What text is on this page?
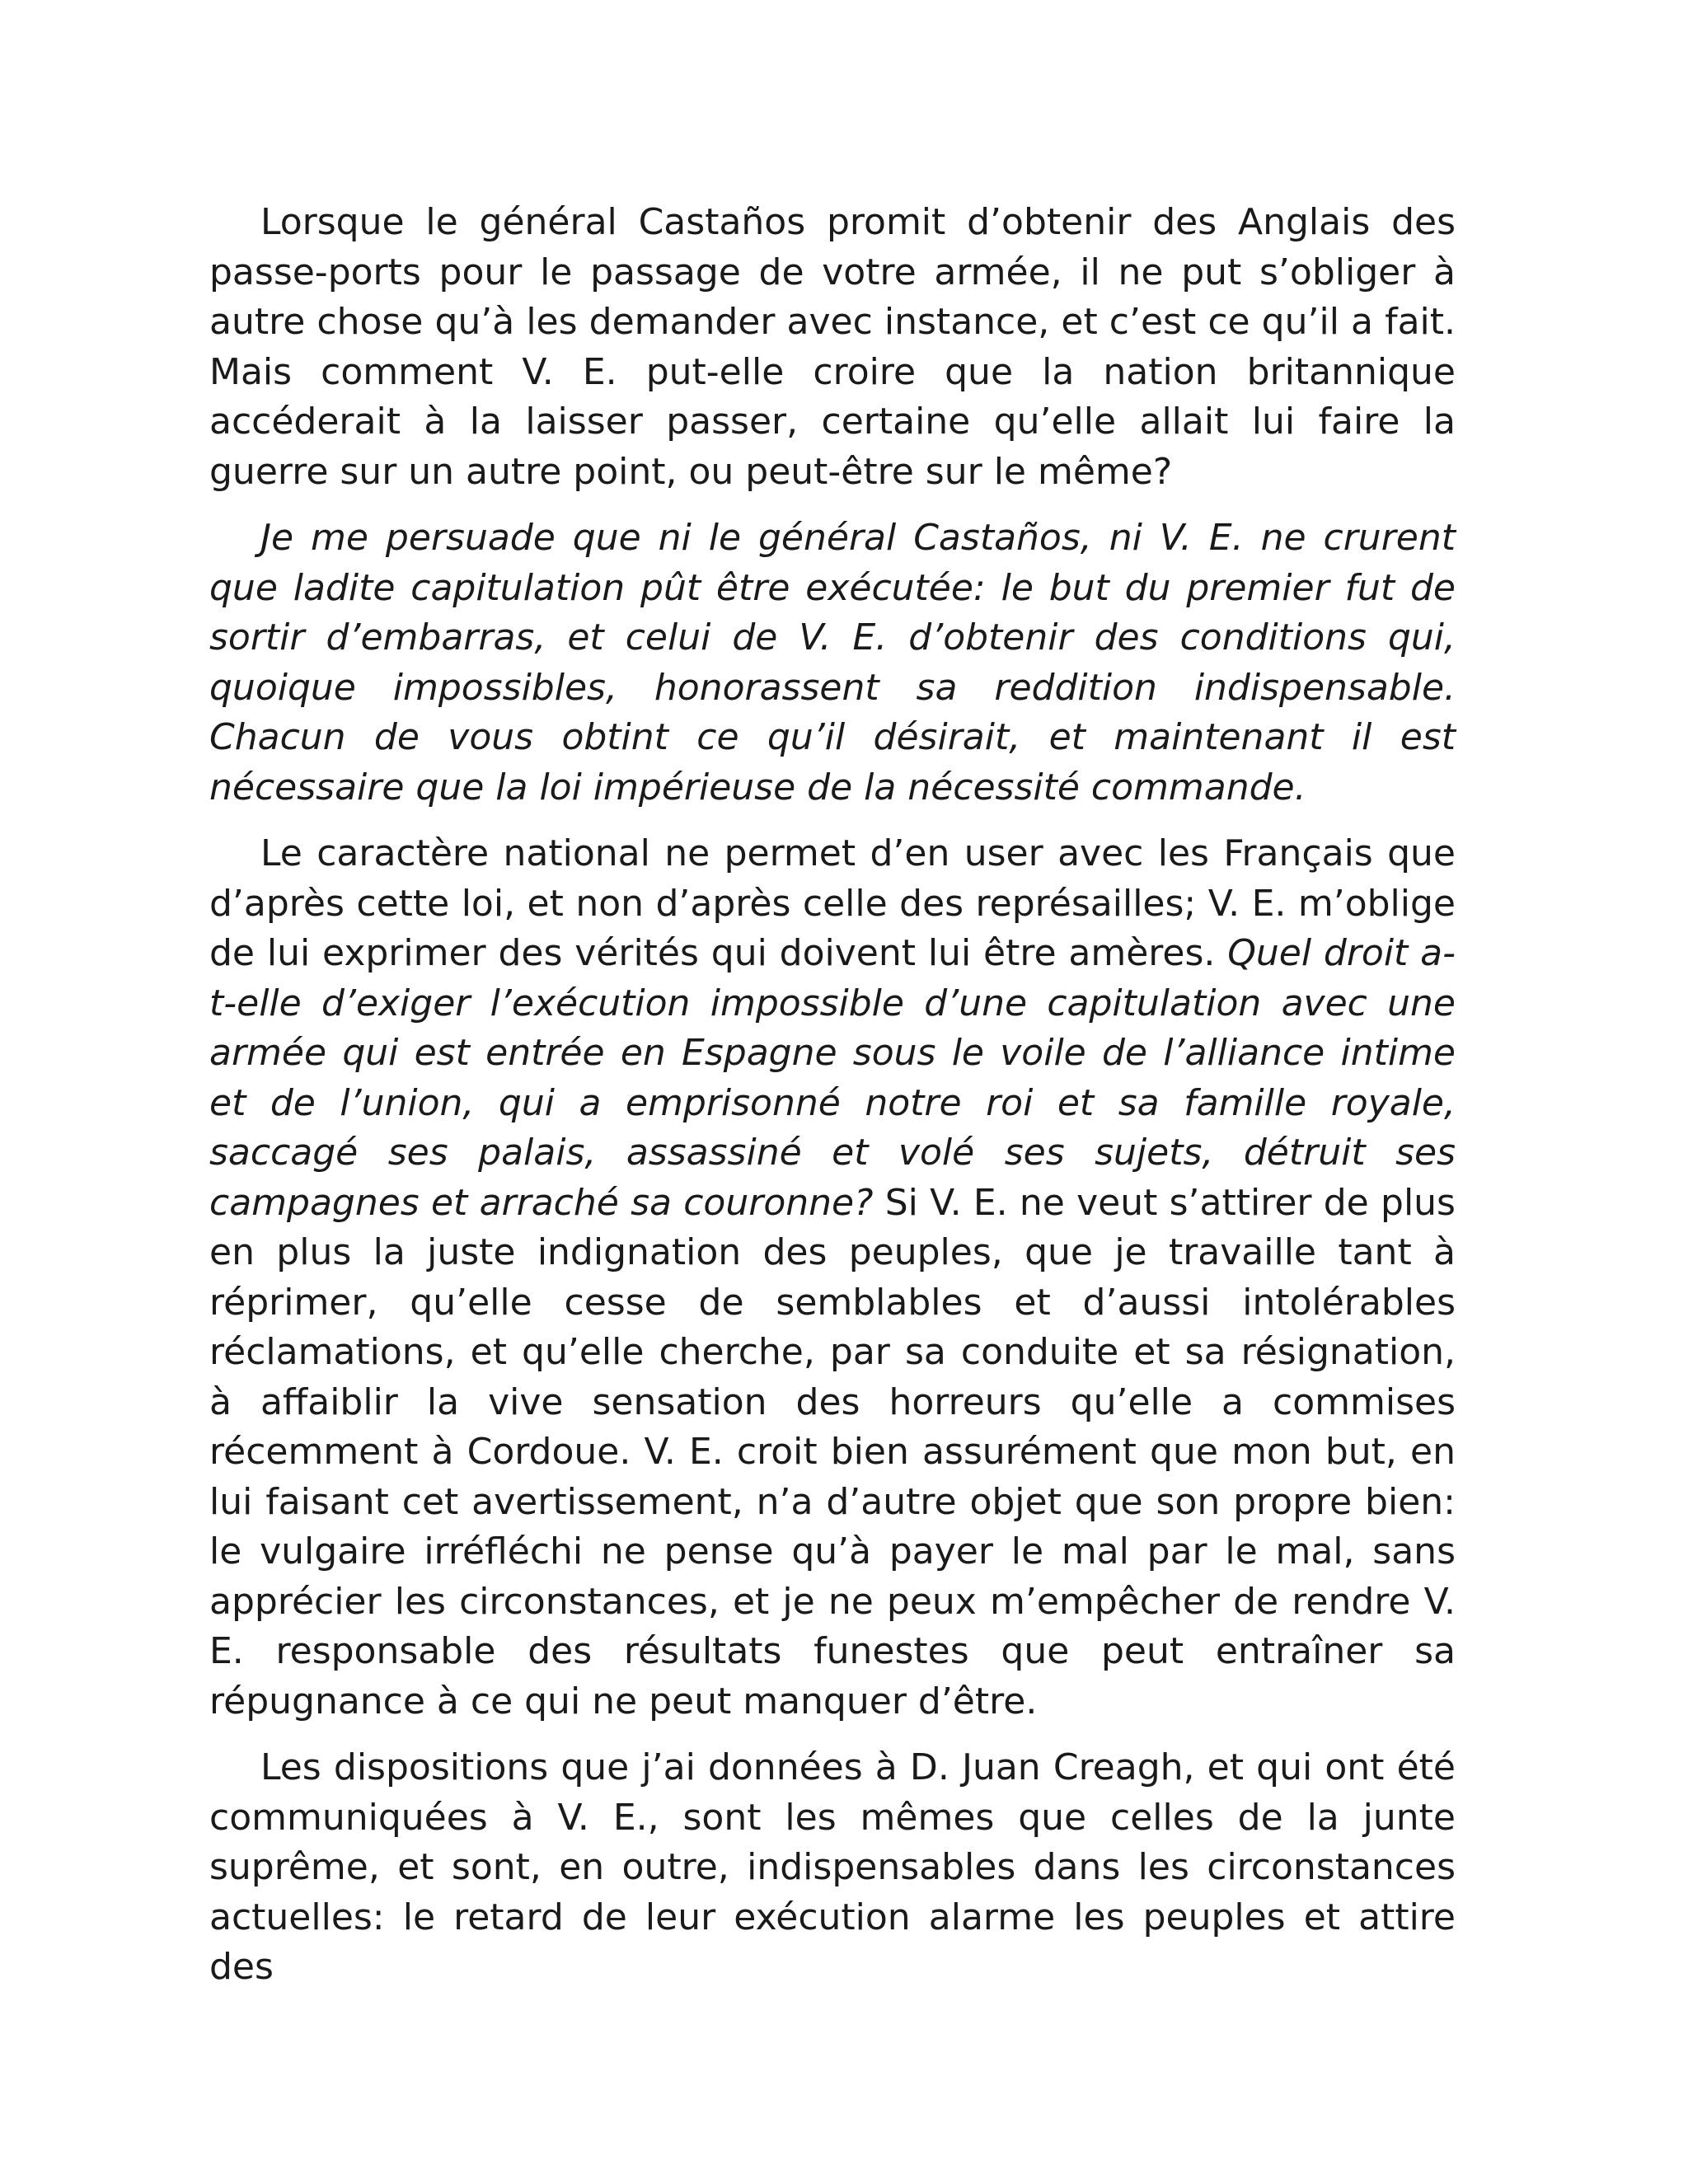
Lorsque le général Castaños promit d’obtenir des Anglais des passe-ports pour le passage de votre armée, il ne put s’obliger à autre chose qu’à les demander avec instance, et c’est ce qu’il a fait. Mais comment V. E. put-elle croire que la nation britannique accéderait à la laisser passer, certaine qu’elle allait lui faire la guerre sur un autre point, ou peut-être sur le même?

Je me persuade que ni le général Castaños, ni V. E. ne crurent que ladite capitulation pût être exécutée: le but du premier fut de sortir d’embarras, et celui de V. E. d’obtenir des conditions qui, quoique impossibles, honorassent sa reddition indispensable. Chacun de vous obtint ce qu’il désirait, et maintenant il est nécessaire que la loi impérieuse de la nécessité commande.

Le caractère national ne permet d’en user avec les Français que d’après cette loi, et non d’après celle des représailles; V. E. m’oblige de lui exprimer des vérités qui doivent lui être amères. Quel droit a-t-elle d’exiger l’exécution impossible d’une capitulation avec une armée qui est entrée en Espagne sous le voile de l’alliance intime et de l’union, qui a emprisonné notre roi et sa famille royale, saccagé ses palais, assassiné et volé ses sujets, détruit ses campagnes et arraché sa couronne? Si V. E. ne veut s’attirer de plus en plus la juste indignation des peuples, que je travaille tant à réprimer, qu’elle cesse de semblables et d’aussi intolérables réclamations, et qu’elle cherche, par sa conduite et sa résignation, à affaiblir la vive sensation des horreurs qu’elle a commises récemment à Cordoue. V. E. croit bien assurément que mon but, en lui faisant cet avertissement, n’a d’autre objet que son propre bien: le vulgaire irréfléchi ne pense qu’à payer le mal par le mal, sans apprécier les circonstances, et je ne peux m’empêcher de rendre V. E. responsable des résultats funestes que peut entraîner sa répugnance à ce qui ne peut manquer d’être.

Les dispositions que j’ai données à D. Juan Creagh, et qui ont été communiquées à V. E., sont les mêmes que celles de la junte suprême, et sont, en outre, indispensables dans les circonstances actuelles: le retard de leur exécution alarme les peuples et attire des
